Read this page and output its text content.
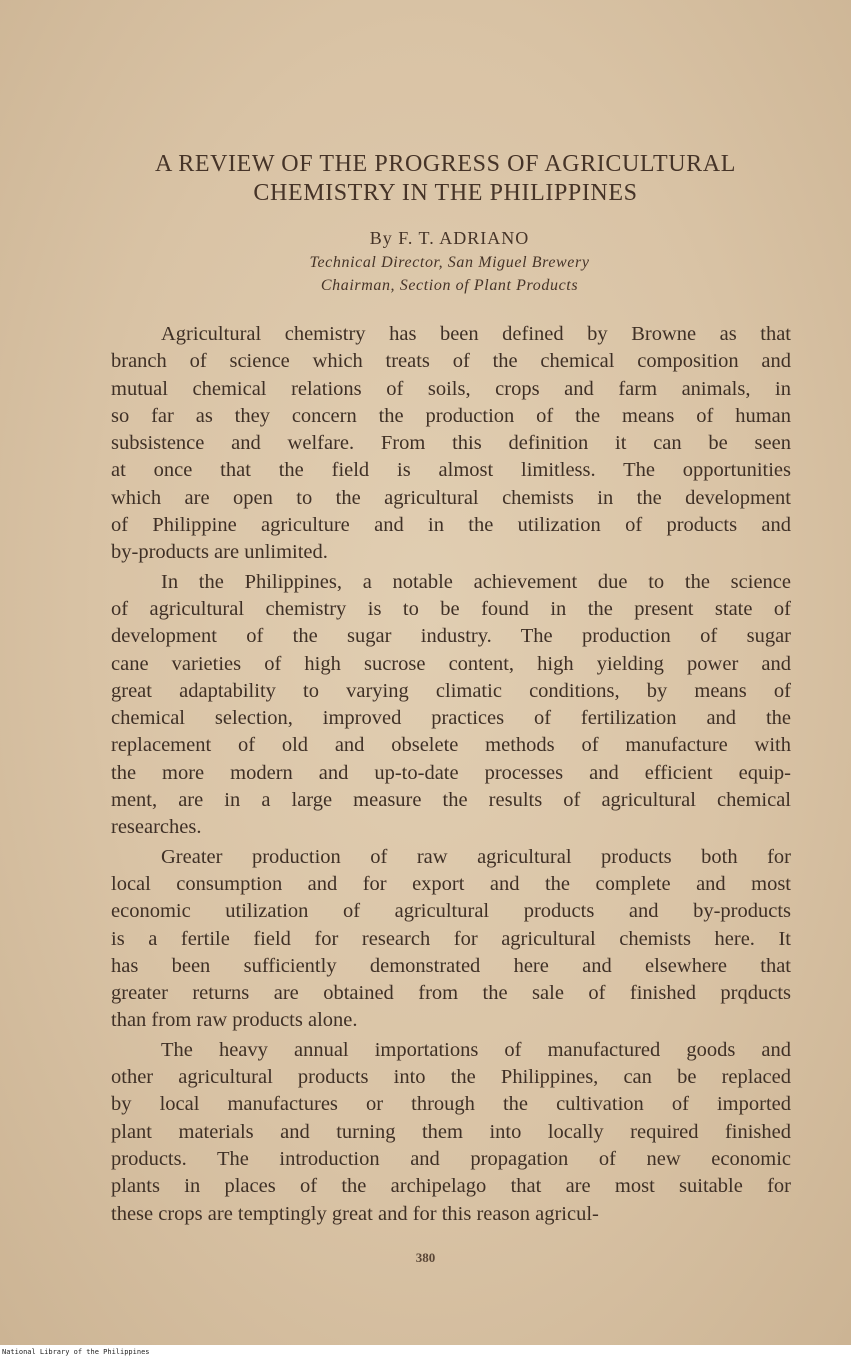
A REVIEW OF THE PROGRESS OF AGRICULTURAL
CHEMISTRY IN THE PHILIPPINES
By F. T. ADRIANO
Technical Director, San Miguel Brewery
Chairman, Section of Plant Products
Agricultural chemistry has been defined by Browne as that
branch of science which treats of the chemical composition and
mutual chemical relations of soils, crops and farm animals, in
so far as they concern the production of the means of human
subsistence and welfare. From this definition it can be seen
at once that the field is almost limitless. The opportunities
which are open to the agricultural chemists in the development
of Philippine agriculture and in the utilization of products and
by-products are unlimited.
In the Philippines, a notable achievement due to the science
of agricultural chemistry is to be found in the present state of
development of the sugar industry. The production of sugar
cane varieties of high sucrose content, high yielding power and
great adaptability to varying climatic conditions, by means of
chemical selection, improved practices of fertilization and the
replacement of old and obselete methods of manufacture with
the more modern and up-to-date processes and efficient equip-
ment, are in a large measure the results of agricultural chemical
researches.
Greater production of raw agricultural products both for
local consumption and for export and the complete and most
economic utilization of agricultural products and by-products
is a fertile field for research for agricultural chemists here. It
has been sufficiently demonstrated here and elsewhere that
greater returns are obtained from the sale of finished prqducts
than from raw products alone.
The heavy annual importations of manufactured goods and
other agricultural products into the Philippines, can be replaced
by local manufactures or through the cultivation of imported
plant materials and turning them into locally required finished
products. The introduction and propagation of new economic
plants in places of the archipelago that are most suitable for
these crops are temptingly great and for this reason agricul-
380
National Library of the Philippines
